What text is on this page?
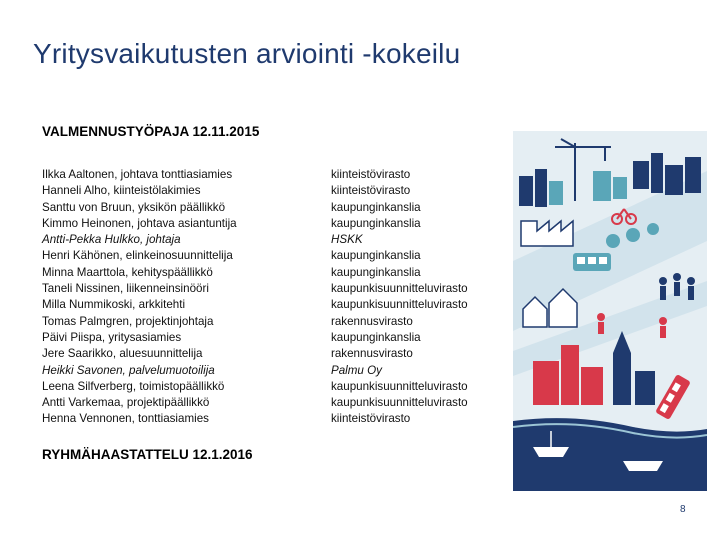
Yritysvaikutusten arviointi -kokeilu
VALMENNUSTYÖPAJA 12.11.2015
Ilkka Aaltonen, johtava tonttiasiamies
Hanneli Alho, kiinteistölakimies
Santtu von Bruun, yksikön päällikkö
Kimmo Heinonen, johtava asiantuntija
Antti-Pekka Hulkko, johtaja
Henri Kähönen, elinkeinosuunnittelija
Minna Maarttola, kehityspäällikkö
Taneli Nissinen, liikenneinsinööri
Milla Nummikoski, arkkitehti
Tomas Palmgren, projektinjohtaja
Päivi Piispa, yritysasiamies
Jere Saarikko, aluesuunnittelija
Heikki Savonen, palvelumuotoilija
Leena Silfverberg, toimistopäällikkö
Antti Varkemaa, projektipäällikkö
Henna Vennonen, tonttiasiamies
kiinteistövirasto
kiinteistövirasto
kaupunginkanslia
kaupunginkanslia
HSKK
kaupunginkanslia
kaupunginkanslia
kaupunkisuunnitteluvirasto
kaupunkisuunnitteluvirasto
rakennusvirasto
kaupunginkanslia
rakennusvirasto
Palmu Oy
kaupunkisuunnitteluvirasto
kaupunkisuunnitteluvirasto
kiinteistövirasto
RYHMÄHAASTATTELU 12.1.2016
8
